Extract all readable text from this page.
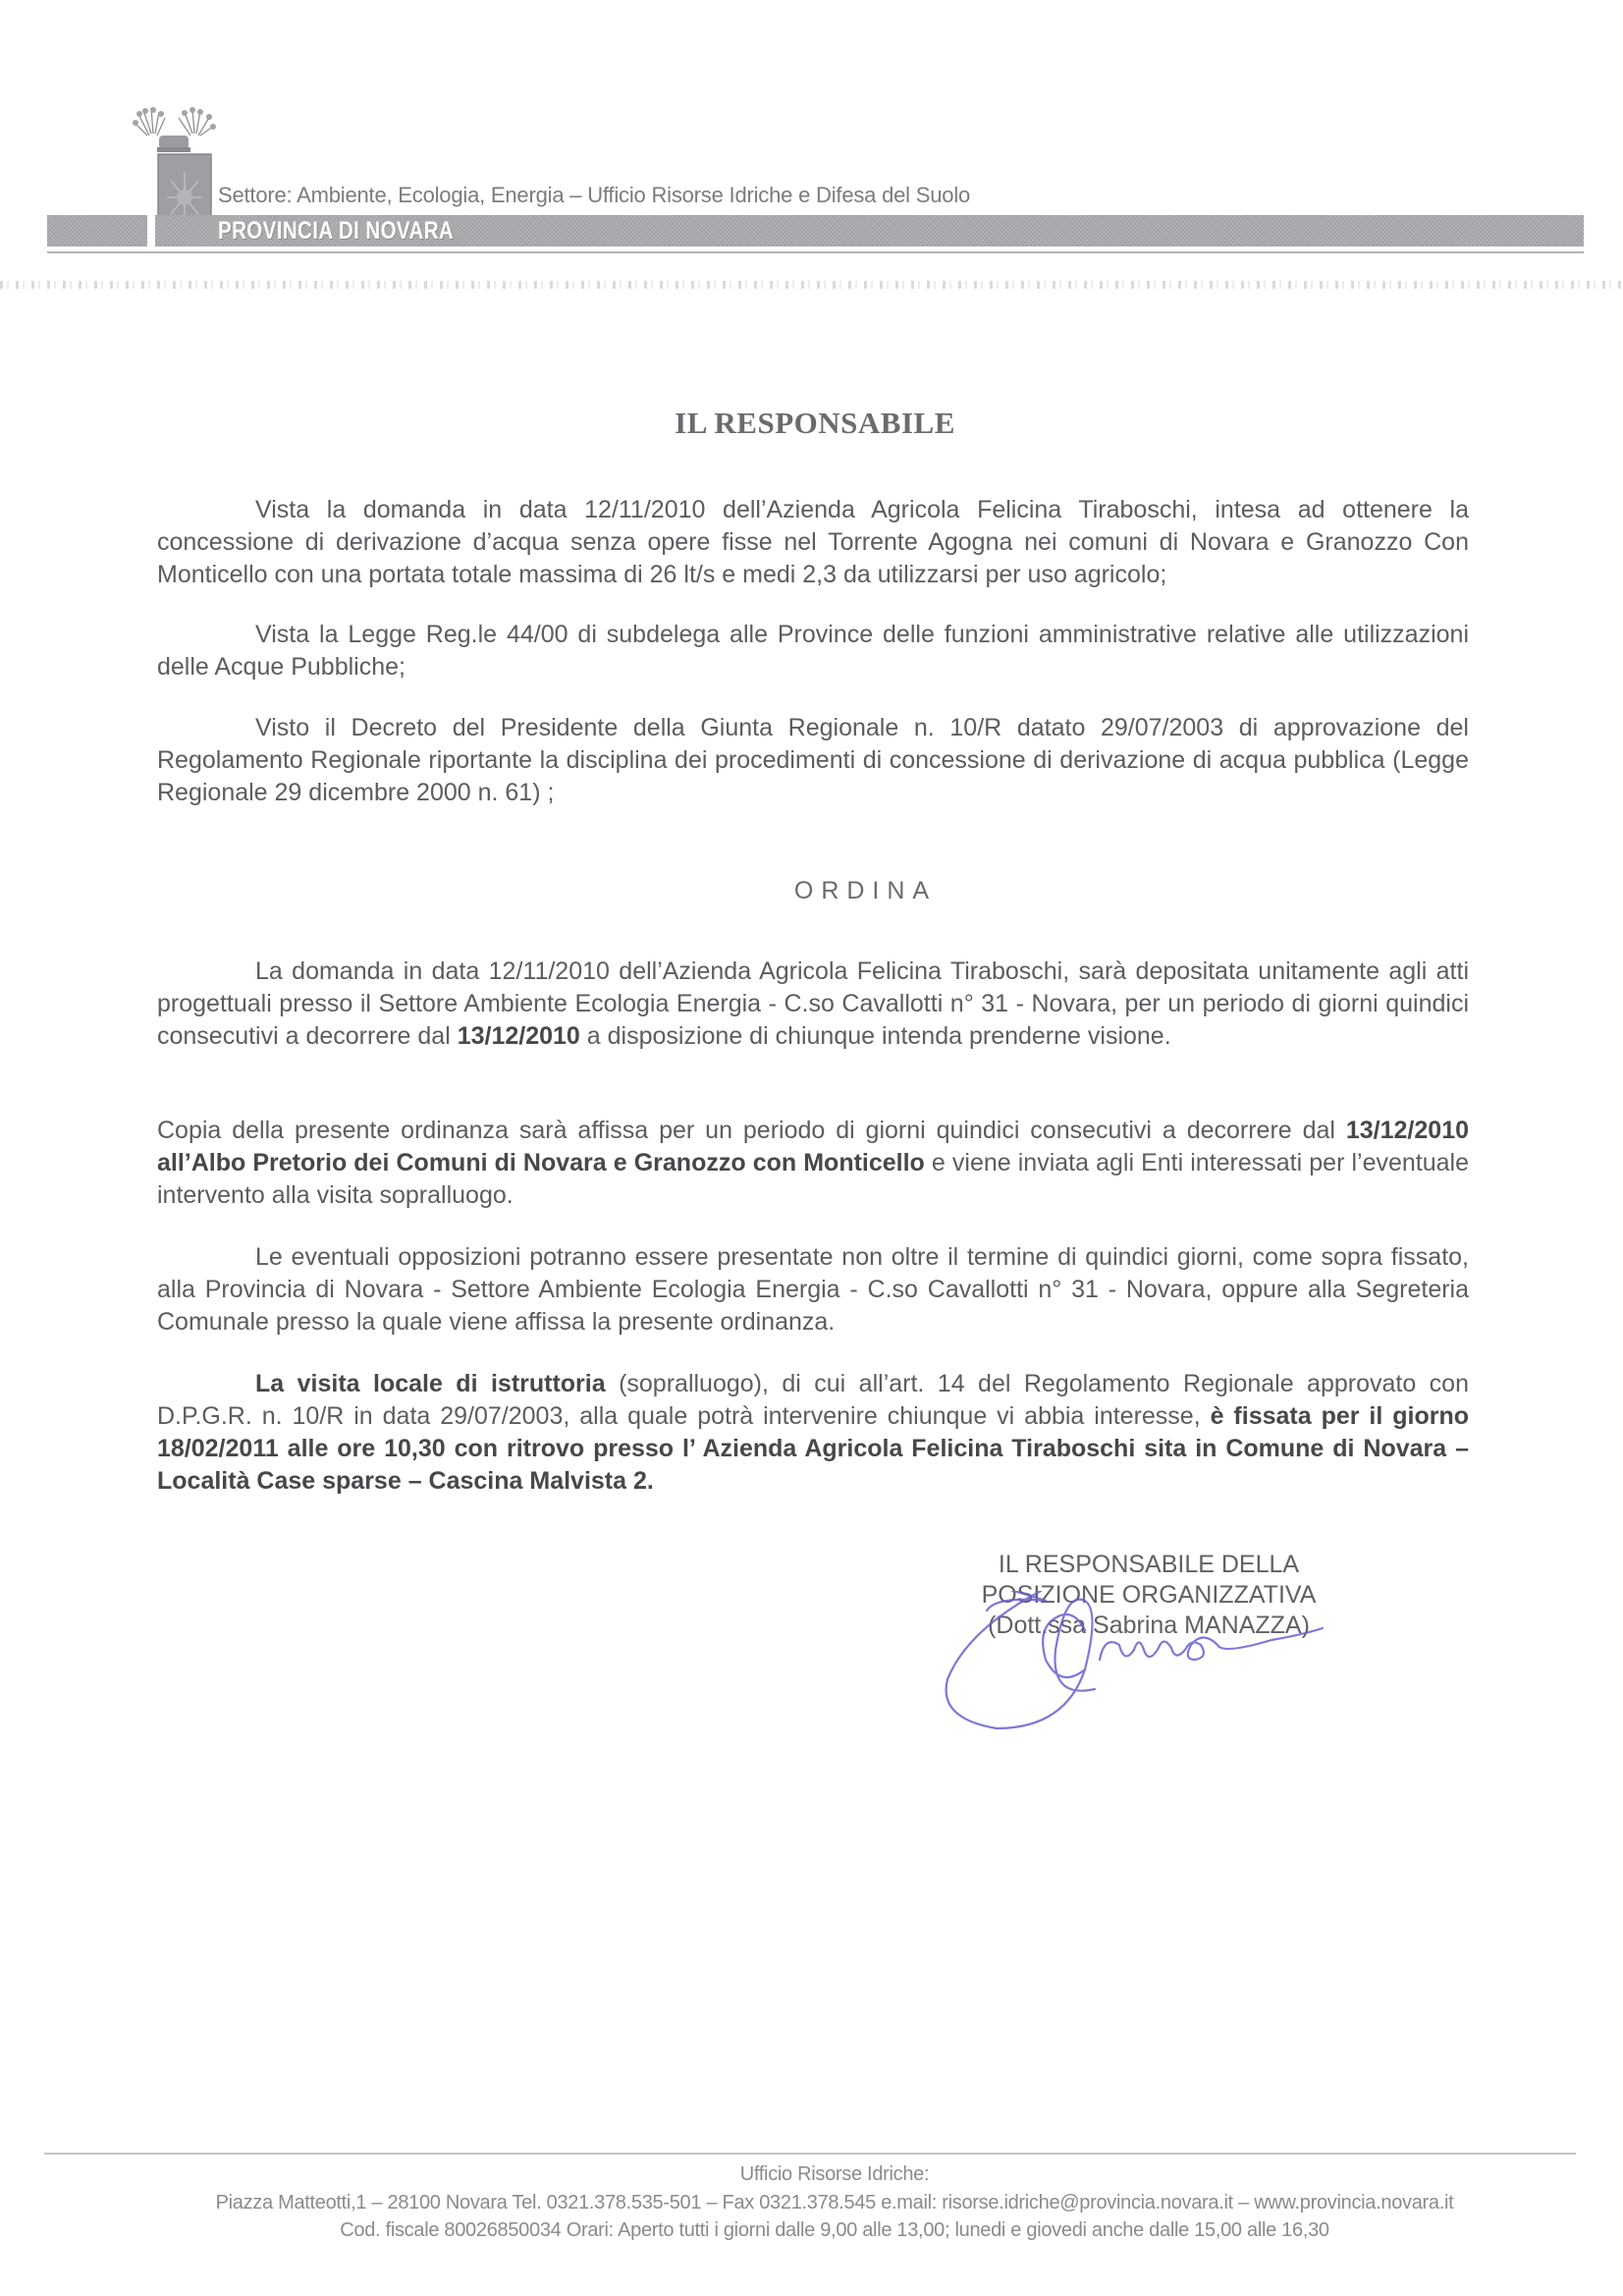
Settore: Ambiente, Ecologia, Energia – Ufficio Risorse Idriche e Difesa del Suolo
PROVINCIA DI NOVARA
IL RESPONSABILE

Vista la domanda in data 12/11/2010 dell’Azienda Agricola Felicina Tiraboschi, intesa ad ottenere la concessione di derivazione d’acqua senza opere fisse nel Torrente Agogna nei comuni di Novara e Granozzo Con Monticello con una portata totale massima di 26 lt/s e medi 2,3 da utilizzarsi per uso agricolo;

Vista la Legge Reg.le 44/00 di subdelega alle Province delle funzioni amministrative relative alle utilizzazioni delle Acque Pubbliche;

Visto il Decreto del Presidente della Giunta Regionale n. 10/R datato 29/07/2003 di approvazione del Regolamento Regionale riportante la disciplina dei procedimenti di concessione di derivazione di acqua pubblica (Legge Regionale 29 dicembre 2000 n. 61) ;

ORDINA

La domanda in data 12/11/2010 dell’Azienda Agricola Felicina Tiraboschi, sarà depositata unitamente agli atti progettuali presso il Settore Ambiente Ecologia Energia - C.so Cavallotti n° 31 - Novara, per un periodo di giorni quindici consecutivi a decorrere dal 13/12/2010 a disposizione di chiunque intenda prenderne visione.

Copia della presente ordinanza sarà affissa per un periodo di giorni quindici consecutivi a decorrere dal 13/12/2010 all’Albo Pretorio dei Comuni di Novara e Granozzo con Monticello e viene inviata agli Enti interessati per l’eventuale intervento alla visita sopralluogo.

Le eventuali opposizioni potranno essere presentate non oltre il termine di quindici giorni, come sopra fissato, alla Provincia di Novara - Settore Ambiente Ecologia Energia - C.so Cavallotti n° 31 - Novara, oppure alla Segreteria Comunale presso la quale viene affissa la presente ordinanza.

La visita locale di istruttoria (sopralluogo), di cui all’art. 14 del Regolamento Regionale approvato con D.P.G.R. n. 10/R in data 29/07/2003, alla quale potrà intervenire chiunque vi abbia interesse, è fissata per il giorno 18/02/2011 alle ore 10,30 con ritrovo presso l’ Azienda Agricola Felicina Tiraboschi sita in Comune di Novara – Località Case sparse – Cascina Malvista 2.

IL RESPONSABILE DELLA
POSIZIONE ORGANIZZATIVA
(Dott.ssa Sabrina MANAZZA)
Ufficio Risorse Idriche:
Piazza Matteotti,1 – 28100 Novara Tel. 0321.378.535-501 – Fax 0321.378.545 e.mail: risorse.idriche@provincia.novara.it – www.provincia.novara.it
Cod. fiscale 80026850034 Orari: Aperto tutti i giorni dalle 9,00 alle 13,00; lunedi e giovedi anche dalle 15,00 alle 16,30
